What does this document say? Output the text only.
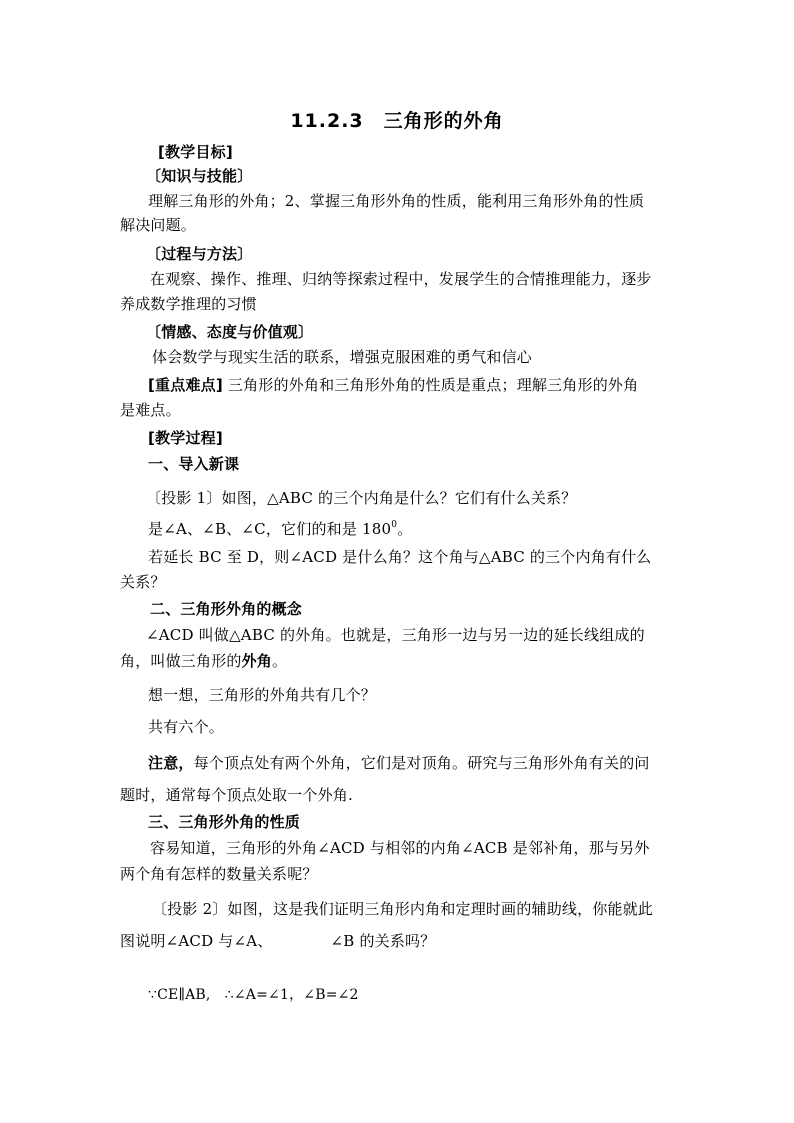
11.2.3　三角形的外角
[教学目标]
〔知识与技能〕
理解三角形的外角；2、掌握三角形外角的性质，能利用三角形外角的性质
解决问题。
〔过程与方法〕
在观察、操作、推理、归纳等探索过程中，发展学生的合情推理能力，逐步
养成数学推理的习惯
〔情感、态度与价值观〕
体会数学与现实生活的联系，增强克服困难的勇气和信心
[重点难点] 三角形的外角和三角形外角的性质是重点；理解三角形的外角
是难点。
[教学过程]
一、导入新课
〔投影 1〕如图，△ABC 的三个内角是什么？它们有什么关系？
是∠A、∠B、∠C，它们的和是 $180^0$。
若延长 BC 至 D，则∠ACD 是什么角？这个角与△ABC 的三个内角有什么
关系？
二、三角形外角的概念
∠ACD 叫做△ABC 的外角。也就是，三角形一边与另一边的延长线组成的
角，叫做三角形的外角。
想一想，三角形的外角共有几个？
共有六个。
注意，每个顶点处有两个外角，它们是对顶角。研究与三角形外角有关的问
题时，通常每个顶点处取一个外角.
三、三角形外角的性质
容易知道，三角形的外角∠ACD 与相邻的内角∠ACB 是邻补角，那与另外
两个角有怎样的数量关系呢？
〔投影 2〕如图，这是我们证明三角形内角和定理时画的辅助线，你能就此
图说明∠ACD 与∠A、	∠B 的关系吗？
∵CE∥AB,　∴∠A=∠1，∠B=∠2
